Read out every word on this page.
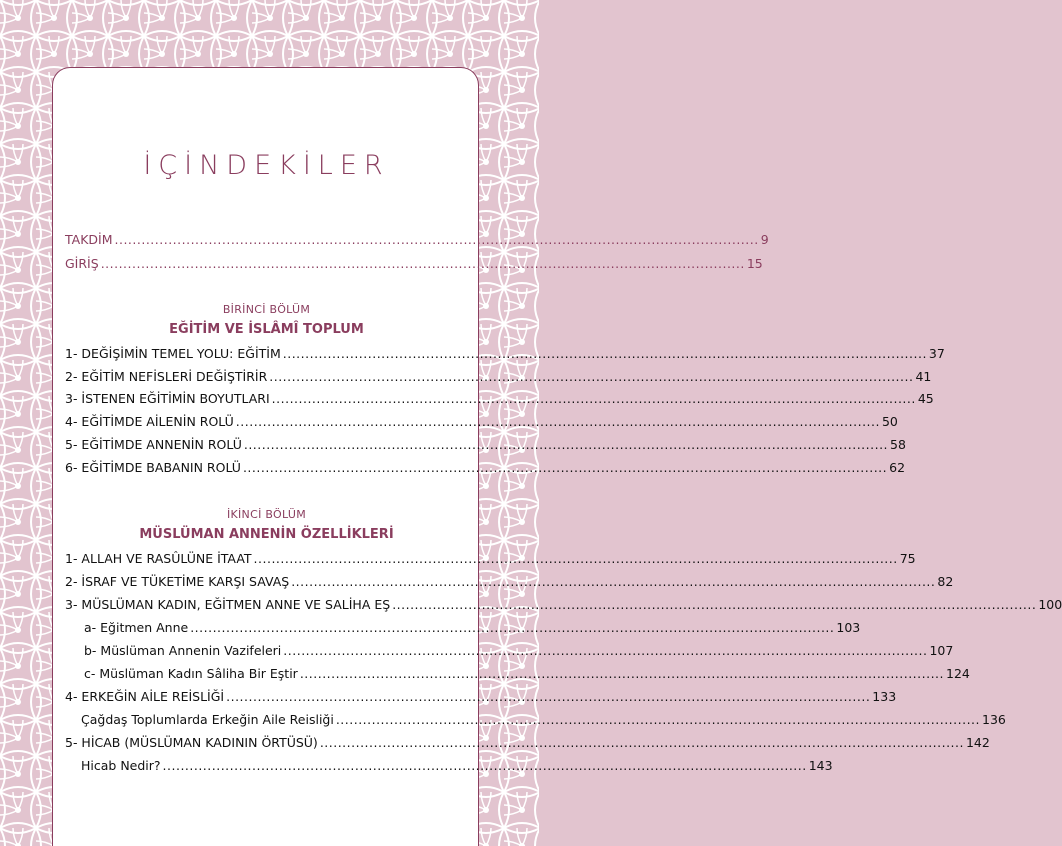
İÇİNDEKİLER
TAKDİM ................................................................................................................................................ 9
GİRİŞ ................................................................................................................................................ 15
BİRİNCİ BÖLÜM
EĞİTİM VE İSLÂMÎ TOPLUM
1- DEĞİŞİMİN TEMEL YOLU: EĞİTİM ................................................................................................................................................ 37
2- EĞİTİM NEFİSLERİ DEĞİŞTİRİR ................................................................................................................................................ 41
3- İSTENEN EĞİTİMİN BOYUTLARI ................................................................................................................................................ 45
4- EĞİTİMDE AİLENİN ROLÜ ................................................................................................................................................ 50
5- EĞİTİMDE ANNENİN ROLÜ ................................................................................................................................................ 58
6- EĞİTİMDE BABANIN ROLÜ ................................................................................................................................................ 62
İKİNCİ BÖLÜM
MÜSLÜMAN ANNENİN ÖZELLİKLERİ
1- ALLAH VE RASÛLÜNE İTAAT ................................................................................................................................................ 75
2- İSRAF VE TÜKETİME KARŞI SAVAŞ ................................................................................................................................................ 82
3- MÜSLÜMAN KADIN, EĞİTMEN ANNE VE SALİHA EŞ ................................................................................................................................................ 100
a- Eğitmen Anne ................................................................................................................................................ 103
b- Müslüman Annenin Vazifeleri ................................................................................................................................................ 107
c- Müslüman Kadın Sâliha Bir Eştir ................................................................................................................................................ 124
4- ERKEĞİN AİLE REİSLİĞİ ................................................................................................................................................ 133
Çağdaş Toplumlarda Erkeğin Aile Reisliği ................................................................................................................................................ 136
5- HİCAB (MÜSLÜMAN KADININ ÖRTÜSÜ) ................................................................................................................................................ 142
Hicab Nedir? ................................................................................................................................................ 143
